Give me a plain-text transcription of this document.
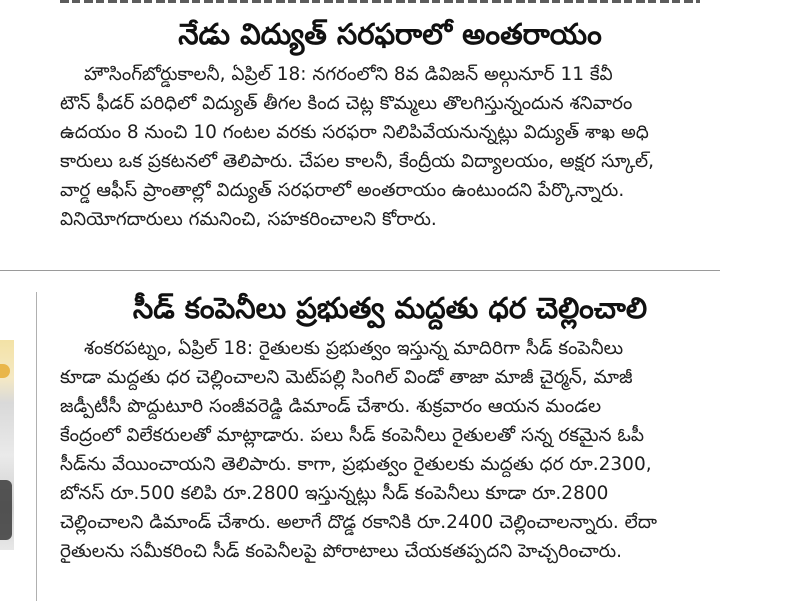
నేడు విద్యుత్ సరఫరాలో అంతరాయం

హౌసింగ్‌బోర్డుకాలనీ, ఏప్రిల్ 18: నగరంలోని 8వ డివిజన్ అల్గునూర్ 11 కేవీ
టౌన్ ఫీడర్ పరిధిలో విద్యుత్ తీగల కింద చెట్ల కొమ్మలు తొలగిస్తున్నందున శనివారం
ఉదయం 8 నుంచి 10 గంటల వరకు సరఫరా నిలిపివేయనున్నట్లు విద్యుత్ శాఖ అధి
కారులు ఒక ప్రకటనలో తెలిపారు. చేపల కాలనీ, కేంద్రీయ విద్యాలయం, అక్షర స్కూల్,
వార్డ ఆఫీస్ ప్రాంతాల్లో విద్యుత్ సరఫరాలో అంతరాయం ఉంటుందని పేర్కొన్నారు.
వినియోగదారులు గమనించి, సహకరించాలని కోరారు.

సీడ్ కంపెనీలు ప్రభుత్వ మద్దతు ధర చెల్లించాలి

శంకరపట్నం, ఏప్రిల్ 18: రైతులకు ప్రభుత్వం ఇస్తున్న మాదిరిగా సీడ్ కంపెనీలు
కూడా మద్దతు ధర చెల్లించాలని మెట్‌పల్లి సింగిల్ విండో తాజా మాజీ చైర్మన్, మాజీ
జడ్పీటీసీ పొద్దుటూరి సంజీవరెడ్డి డిమాండ్ చేశారు. శుక్రవారం ఆయన మండల
కేంద్రంలో విలేకరులతో మాట్లాడారు. పలు సీడ్ కంపెనీలు రైతులతో సన్న రకమైన ఓపీ
సీడ్‌ను వేయించాయని తెలిపారు. కాగా, ప్రభుత్వం రైతులకు మద్దతు ధర రూ.2300,
బోనస్ రూ.500 కలిపి రూ.2800 ఇస్తున్నట్లు సీడ్ కంపెనీలు కూడా రూ.2800
చెల్లించాలని డిమాండ్ చేశారు. అలాగే దొడ్డ రకానికి రూ.2400 చెల్లించాలన్నారు. లేదా
రైతులను సమీకరించి సీడ్ కంపెనీలపై పోరాటాలు చేయకతప్పదని హెచ్చరించారు.
